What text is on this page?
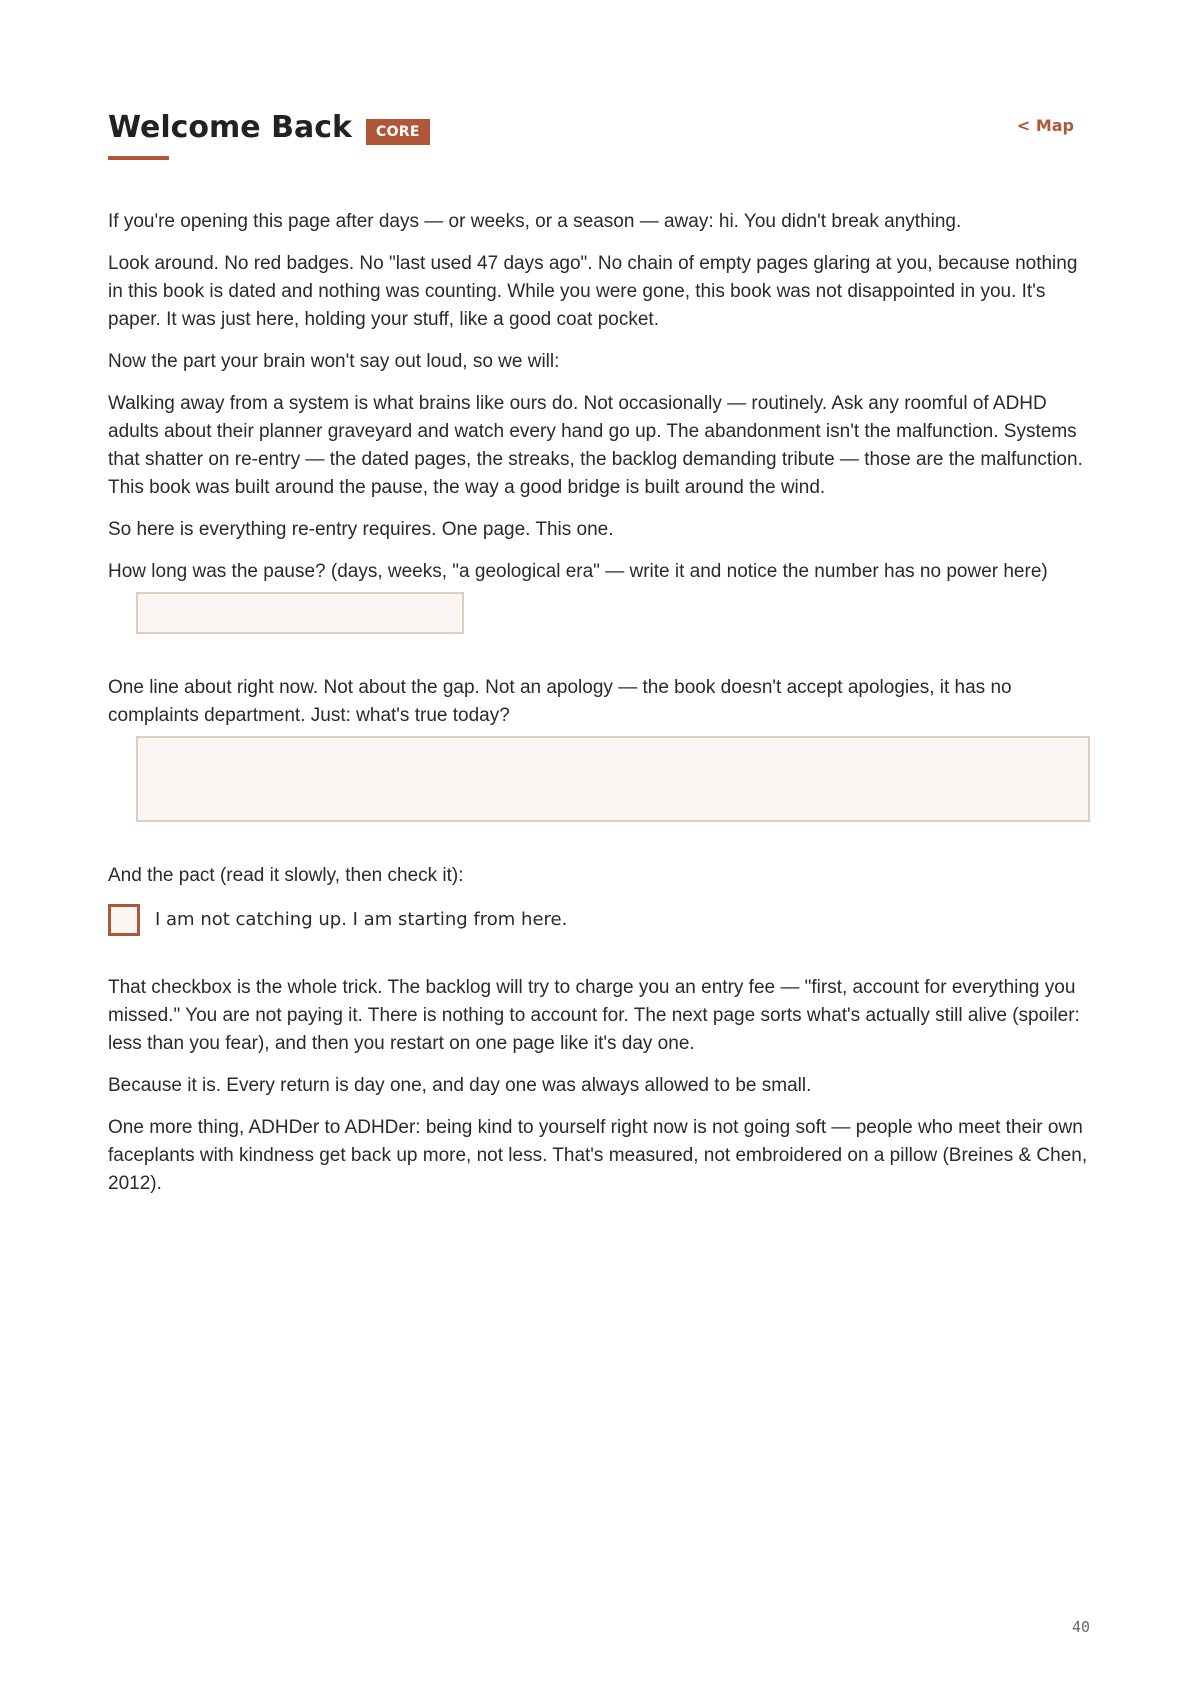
Welcome Back	CORE	< Map

If you're opening this page after days — or weeks, or a season — away: hi. You didn't break anything.

Look around. No red badges. No "last used 47 days ago". No chain of empty pages glaring at you, because nothing in this book is dated and nothing was counting. While you were gone, this book was not disappointed in you. It's paper. It was just here, holding your stuff, like a good coat pocket.

Now the part your brain won't say out loud, so we will:

Walking away from a system is what brains like ours do. Not occasionally — routinely. Ask any roomful of ADHD adults about their planner graveyard and watch every hand go up. The abandonment isn't the malfunction. Systems that shatter on re-entry — the dated pages, the streaks, the backlog demanding tribute — those are the malfunction. This book was built around the pause, the way a good bridge is built around the wind.

So here is everything re-entry requires. One page. This one.

How long was the pause? (days, weeks, "a geological era" — write it and notice the number has no power here)

One line about right now. Not about the gap. Not an apology — the book doesn't accept apologies, it has no complaints department. Just: what's true today?

And the pact (read it slowly, then check it):

I am not catching up. I am starting from here.

That checkbox is the whole trick. The backlog will try to charge you an entry fee — "first, account for everything you missed." You are not paying it. There is nothing to account for. The next page sorts what's actually still alive (spoiler: less than you fear), and then you restart on one page like it's day one.

Because it is. Every return is day one, and day one was always allowed to be small.

One more thing, ADHDer to ADHDer: being kind to yourself right now is not going soft — people who meet their own faceplants with kindness get back up more, not less. That's measured, not embroidered on a pillow (Breines & Chen, 2012).

40
